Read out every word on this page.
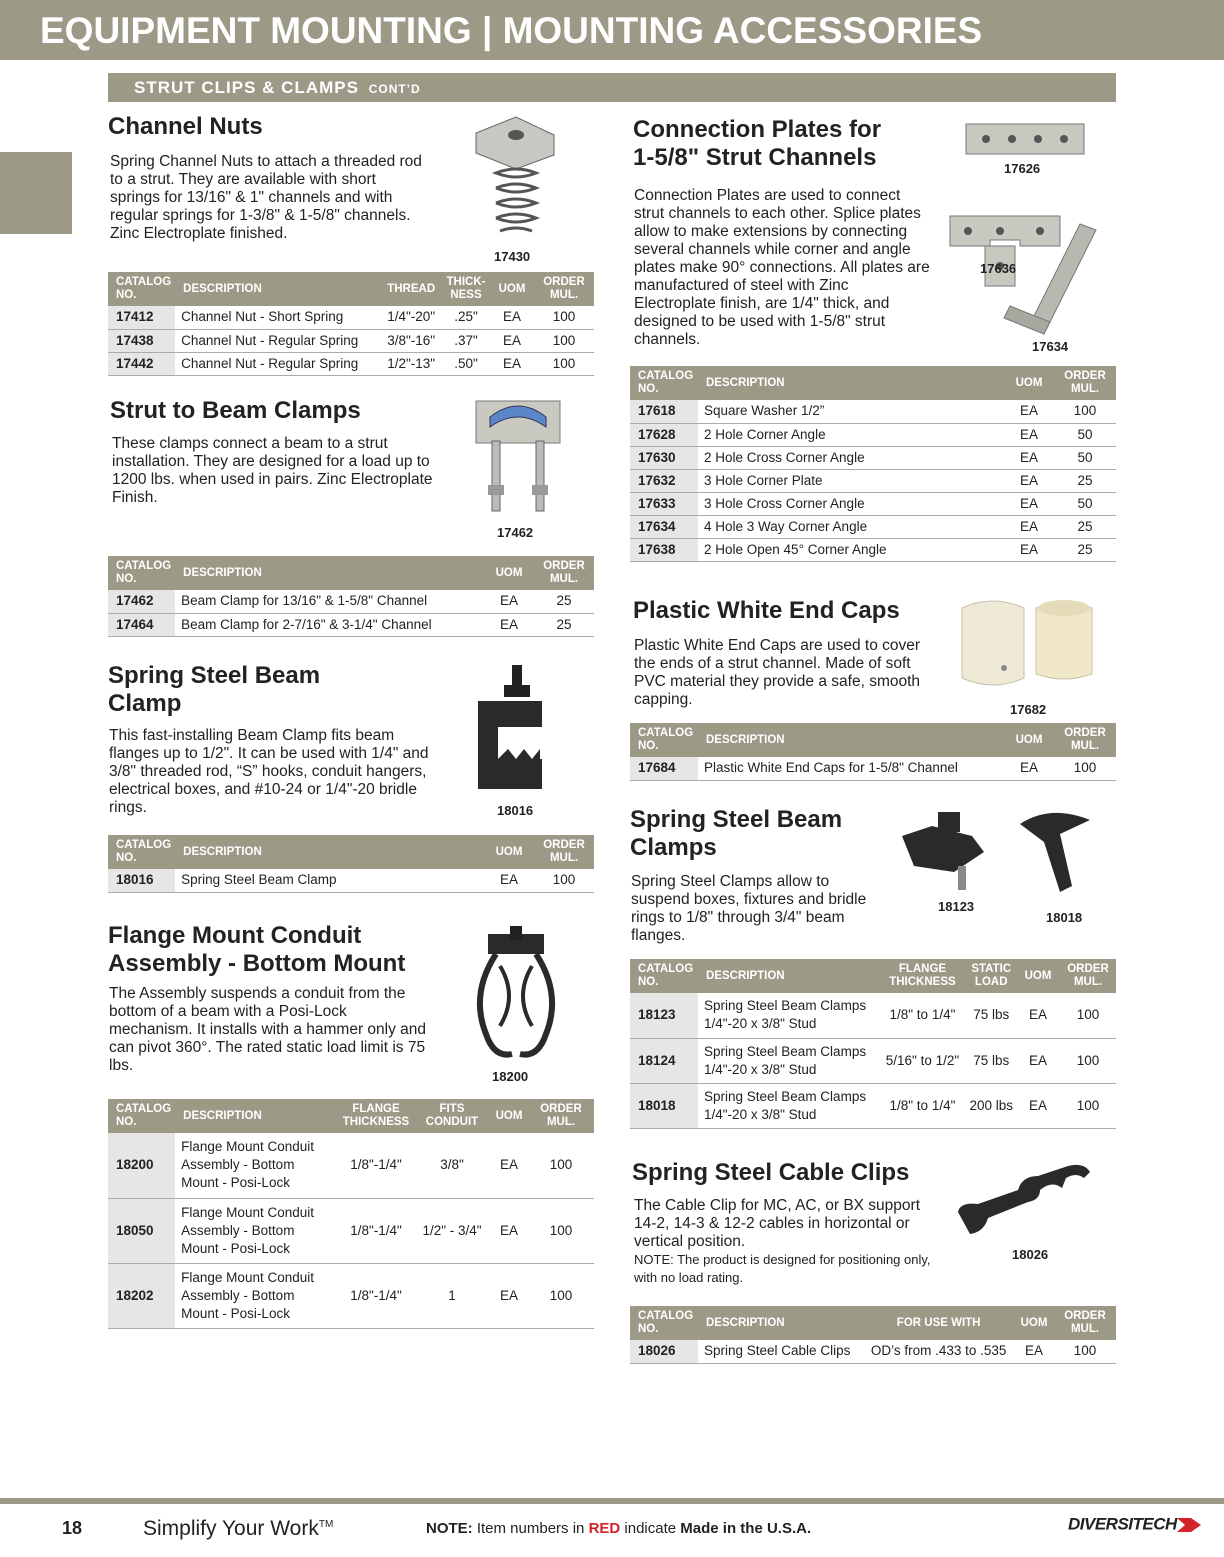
EQUIPMENT MOUNTING | MOUNTING ACCESSORIES
STRUT CLIPS & CLAMPS CONT’D
Channel Nuts
Spring Channel Nuts to attach a threaded rod to a strut. They are available with short springs for 13/16" & 1" channels and with regular springs for 1-3/8" & 1-5/8" channels. Zinc Electroplate finished.
17430
CATALOG NO.	DESCRIPTION	THREAD	THICK-NESS	UOM	ORDER MUL.
17412	Channel Nut - Short Spring	1/4"-20"	.25"	EA	100
17438	Channel Nut - Regular Spring	3/8"-16"	.37"	EA	100
17442	Channel Nut - Regular Spring	1/2"-13"	.50"	EA	100
Strut to Beam Clamps
These clamps connect a beam to a strut installation. They are designed for a load up to 1200 lbs. when used in pairs. Zinc Electroplate Finish.
17462
CATALOG NO.	DESCRIPTION	UOM	ORDER MUL.
17462	Beam Clamp for 13/16" & 1-5/8" Channel	EA	25
17464	Beam Clamp for 2-7/16" & 3-1/4" Channel	EA	25
Spring Steel Beam
Clamp
This fast-installing Beam Clamp fits beam flanges up to 1/2". It can be used with 1/4" and 3/8" threaded rod, “S” hooks, conduit hangers, electrical boxes, and #10-24 or 1/4"-20 bridle rings.	18016
CATALOG NO.	DESCRIPTION	UOM	ORDER MUL.
18016	Spring Steel Beam Clamp	EA	100
Flange Mount Conduit
Assembly - Bottom Mount
The Assembly suspends a conduit from the bottom of a beam with a Posi-Lock mechanism. It installs with a hammer only and can pivot 360°. The rated static load limit is 75 lbs.
18200
CATALOG NO.	DESCRIPTION	FLANGE THICKNESS	FITS CONDUIT	UOM	ORDER MUL.
18200	Flange Mount Conduit Assembly - Bottom Mount - Posi-Lock	1/8"-1/4"	3/8"	EA	100
18050	Flange Mount Conduit Assembly - Bottom Mount - Posi-Lock	1/8"-1/4"	1/2" - 3/4"	EA	100
18202	Flange Mount Conduit Assembly - Bottom Mount - Posi-Lock	1/8"-1/4"	1	EA	100
Connection Plates for
1-5/8" Strut Channels
Connection Plates are used to connect strut channels to each other. Splice plates allow to make extensions by connecting several channels while corner and angle plates make 90° connections. All plates are manufactured of steel with Zinc Electroplate finish, are 1/4" thick, and designed to be used with 1-5/8" strut channels.
17626
17636
17634
CATALOG NO.	DESCRIPTION	UOM	ORDER MUL.
17618	Square Washer 1/2”	EA	100
17628	2 Hole Corner Angle	EA	50
17630	2 Hole Cross Corner Angle	EA	50
17632	3 Hole Corner Plate	EA	25
17633	3 Hole Cross Corner Angle	EA	50
17634	4 Hole 3 Way Corner Angle	EA	25
17638	2 Hole Open 45° Corner Angle	EA	25
Plastic White End Caps
Plastic White End Caps are used to cover the ends of a strut channel. Made of soft PVC material they provide a safe, smooth capping.
17682
CATALOG NO.	DESCRIPTION	UOM	ORDER MUL.
17684	Plastic White End Caps for 1-5/8" Channel	EA	100
Spring Steel Beam
Clamps
Spring Steel Clamps allow to suspend boxes, fixtures and bridle rings to 1/8" through 3/4" beam flanges.
18123
18018
CATALOG NO.	DESCRIPTION	FLANGE THICKNESS	STATIC LOAD	UOM	ORDER MUL.
18123	Spring Steel Beam Clamps 1/4"-20 x 3/8" Stud	1/8" to 1/4"	75 lbs	EA	100
18124	Spring Steel Beam Clamps 1/4"-20 x 3/8" Stud	5/16" to 1/2"	75 lbs	EA	100
18018	Spring Steel Beam Clamps 1/4"-20 x 3/8" Stud	1/8" to 1/4"	200 lbs	EA	100
Spring Steel Cable Clips
The Cable Clip for MC, AC, or BX support 14-2, 14-3 & 12-2 cables in horizontal or vertical position.
NOTE: The product is designed for positioning only, with no load rating.
18026
CATALOG NO.	DESCRIPTION	FOR USE WITH	UOM	ORDER MUL.
18026	Spring Steel Cable Clips	OD’s from .433 to .535	EA	100
18	Simplify Your Work™	NOTE: Item numbers in RED indicate Made in the U.S.A.	DIVERSITECH
